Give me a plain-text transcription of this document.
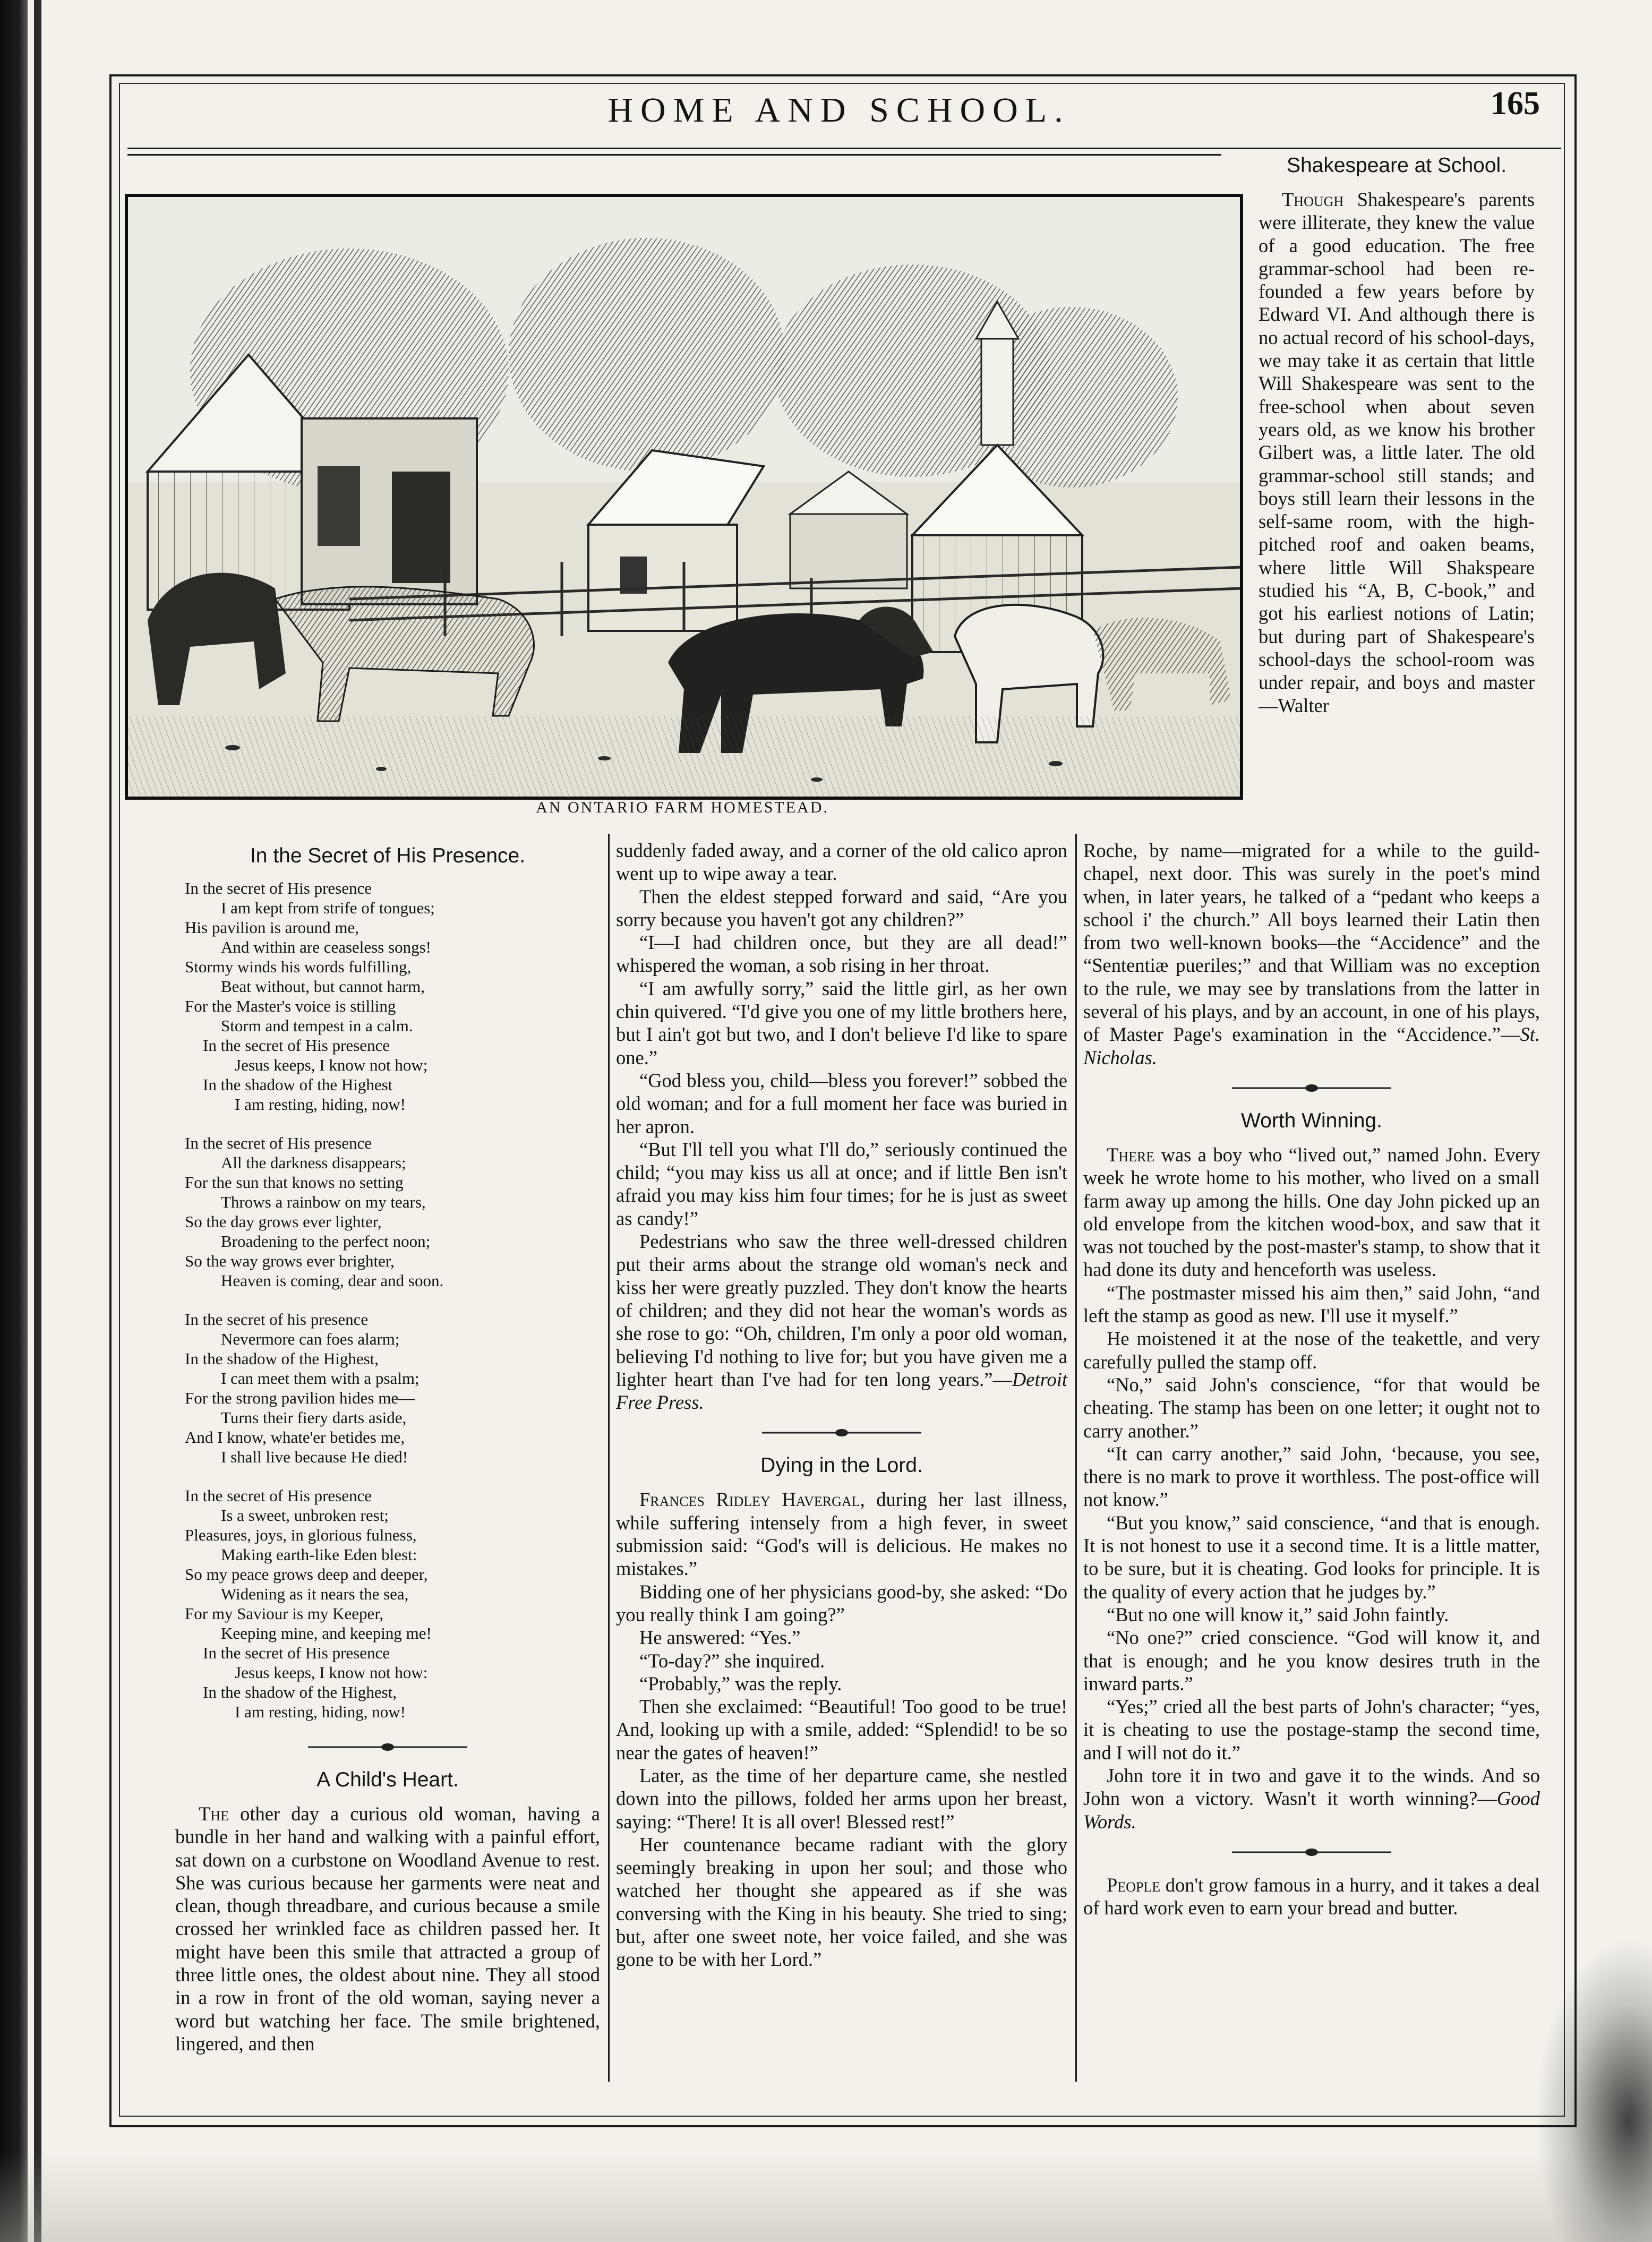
HOME AND SCHOOL.	165
AN ONTARIO FARM HOMESTEAD.
Shakespeare at School.

Though Shakespeare's parents were illiterate, they knew the value of a good education. The free grammar-school had been re-founded a few years before by Edward VI. And although there is no actual record of his school-days, we may take it as certain that little Will Shakespeare was sent to the free-school when about seven years old, as we know his brother Gilbert was, a little later. The old grammar-school still stands; and boys still learn their lessons in the self-same room, with the high-pitched roof and oaken beams, where little Will Shakspeare studied his “A, B, C-book,” and got his earliest notions of Latin; but during part of Shakespeare's school-days the school-room was under repair, and boys and master—Walter

In the Secret of His Presence.
In the secret of His presence
I am kept from strife of tongues;
His pavilion is around me,
And within are ceaseless songs!
Stormy winds his words fulfilling,
Beat without, but cannot harm,
For the Master's voice is stilling
Storm and tempest in a calm.
In the secret of His presence
Jesus keeps, I know not how;
In the shadow of the Highest
I am resting, hiding, now!
In the secret of His presence
All the darkness disappears;
For the sun that knows no setting
Throws a rainbow on my tears,
So the day grows ever lighter,
Broadening to the perfect noon;
So the way grows ever brighter,
Heaven is coming, dear and soon.
In the secret of his presence
Nevermore can foes alarm;
In the shadow of the Highest,
I can meet them with a psalm;
For the strong pavilion hides me—
Turns their fiery darts aside,
And I know, whate'er betides me,
I shall live because He died!
In the secret of His presence
Is a sweet, unbroken rest;
Pleasures, joys, in glorious fulness,
Making earth-like Eden blest:
So my peace grows deep and deeper,
Widening as it nears the sea,
For my Saviour is my Keeper,
Keeping mine, and keeping me!
In the secret of His presence
Jesus keeps, I know not how:
In the shadow of the Highest,
I am resting, hiding, now!
A Child's Heart.

The other day a curious old woman, having a bundle in her hand and walking with a painful effort, sat down on a curbstone on Woodland Avenue to rest. She was curious because her garments were neat and clean, though threadbare, and curious because a smile crossed her wrinkled face as children passed her. It might have been this smile that attracted a group of three little ones, the oldest about nine. They all stood in a row in front of the old woman, saying never a word but watching her face. The smile brightened, lingered, and then

suddenly faded away, and a corner of the old calico apron went up to wipe away a tear.

Then the eldest stepped forward and said, “Are you sorry because you haven't got any children?”

“I—I had children once, but they are all dead!” whispered the woman, a sob rising in her throat.

“I am awfully sorry,” said the little girl, as her own chin quivered. “I'd give you one of my little brothers here, but I ain't got but two, and I don't believe I'd like to spare one.”

“God bless you, child—bless you forever!” sobbed the old woman; and for a full moment her face was buried in her apron.

“But I'll tell you what I'll do,” seriously continued the child; “you may kiss us all at once; and if little Ben isn't afraid you may kiss him four times; for he is just as sweet as candy!”

Pedestrians who saw the three well-dressed children put their arms about the strange old woman's neck and kiss her were greatly puzzled. They don't know the hearts of children; and they did not hear the woman's words as she rose to go: “Oh, children, I'm only a poor old woman, believing I'd nothing to live for; but you have given me a lighter heart than I've had for ten long years.”—Detroit Free Press.

Dying in the Lord.

Frances Ridley Havergal, during her last illness, while suffering intensely from a high fever, in sweet submission said: “God's will is delicious. He makes no mistakes.”

Bidding one of her physicians good-by, she asked: “Do you really think I am going?”

He answered: “Yes.”

“To-day?” she inquired.

“Probably,” was the reply.

Then she exclaimed: “Beautiful! Too good to be true! And, looking up with a smile, added: “Splendid! to be so near the gates of heaven!”

Later, as the time of her departure came, she nestled down into the pillows, folded her arms upon her breast, saying: “There! It is all over! Blessed rest!”

Her countenance became radiant with the glory seemingly breaking in upon her soul; and those who watched her thought she appeared as if she was conversing with the King in his beauty. She tried to sing; but, after one sweet note, her voice failed, and she was gone to be with her Lord.”

Roche, by name—migrated for a while to the guild-chapel, next door. This was surely in the poet's mind when, in later years, he talked of a “pedant who keeps a school i' the church.” All boys learned their Latin then from two well-known books—the “Accidence” and the “Sententiæ pueriles;” and that William was no exception to the rule, we may see by translations from the latter in several of his plays, and by an account, in one of his plays, of Master Page's examination in the “Accidence.”—St. Nicholas.

Worth Winning.

There was a boy who “lived out,” named John. Every week he wrote home to his mother, who lived on a small farm away up among the hills. One day John picked up an old envelope from the kitchen wood-box, and saw that it was not touched by the post-master's stamp, to show that it had done its duty and henceforth was useless.

“The postmaster missed his aim then,” said John, “and left the stamp as good as new. I'll use it myself.”

He moistened it at the nose of the teakettle, and very carefully pulled the stamp off.

“No,” said John's conscience, “for that would be cheating. The stamp has been on one letter; it ought not to carry another.”

“It can carry another,” said John, ‘because, you see, there is no mark to prove it worthless. The post-office will not know.”

“But you know,” said conscience, “and that is enough. It is not honest to use it a second time. It is a little matter, to be sure, but it is cheating. God looks for principle. It is the quality of every action that he judges by.”

“But no one will know it,” said John faintly.

“No one?” cried conscience. “God will know it, and that is enough; and he you know desires truth in the inward parts.”

“Yes;” cried all the best parts of John's character; “yes, it is cheating to use the postage-stamp the second time, and I will not do it.”

John tore it in two and gave it to the winds. And so John won a victory. Wasn't it worth winning?—Good Words.

People don't grow famous in a hurry, and it takes a deal of hard work even to earn your bread and butter.
